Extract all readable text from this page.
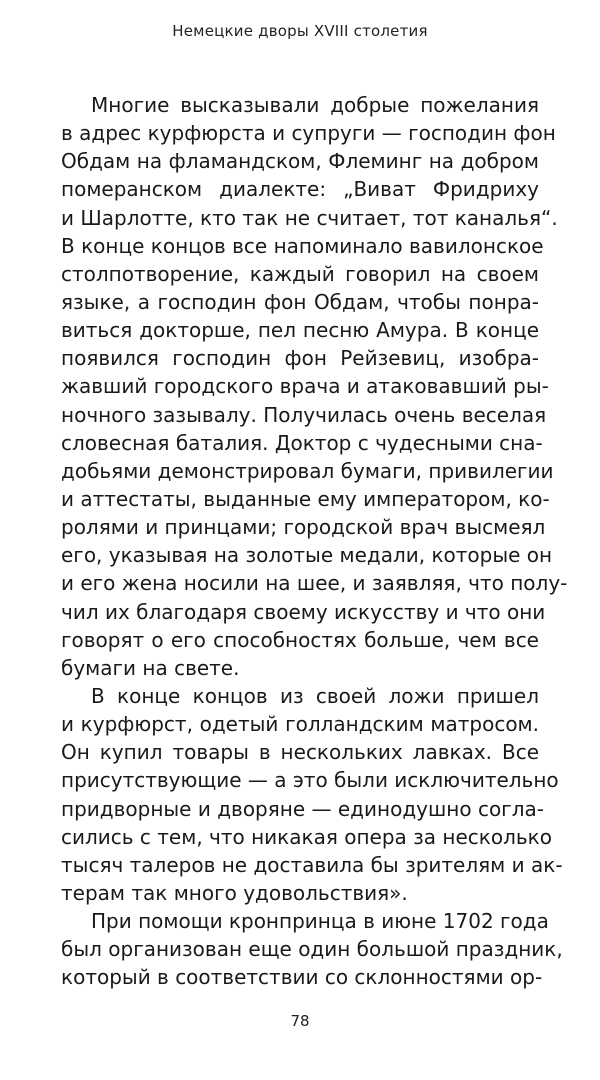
Немецкие дворы XVIII столетия
Многие высказывали добрые пожелания
в адрес курфюрста и супруги — господин фон
Обдам на фламандском, Флеминг на добром
померанском диалекте: „Виват Фридриху
и Шарлотте, кто так не считает, тот каналья“.
В конце концов все напоминало вавилонское
столпотворение, каждый говорил на своем
языке, а господин фон Обдам, чтобы понра-
виться докторше, пел песню Амура. В конце
появился господин фон Рейзевиц, изобра-
жавший городского врача и атаковавший ры-
ночного зазывалу. Получилась очень веселая
словесная баталия. Доктор с чудесными сна-
добьями демонстрировал бумаги, привилегии
и аттестаты, выданные ему императором, ко-
ролями и принцами; городской врач высмеял
его, указывая на золотые медали, которые он
и его жена носили на шее, и заявляя, что полу-
чил их благодаря своему искусству и что они
говорят о его способностях больше, чем все
бумаги на свете.
В конце концов из своей ложи пришел
и курфюрст, одетый голландским матросом.
Он купил товары в нескольких лавках. Все
присутствующие — а это были исключительно
придворные и дворяне — единодушно согла-
сились с тем, что никакая опера за несколько
тысяч талеров не доставила бы зрителям и ак-
терам так много удовольствия».
При помощи кронпринца в июне 1702 года
был организован еще один большой праздник,
который в соответствии со склонностями ор-
78
